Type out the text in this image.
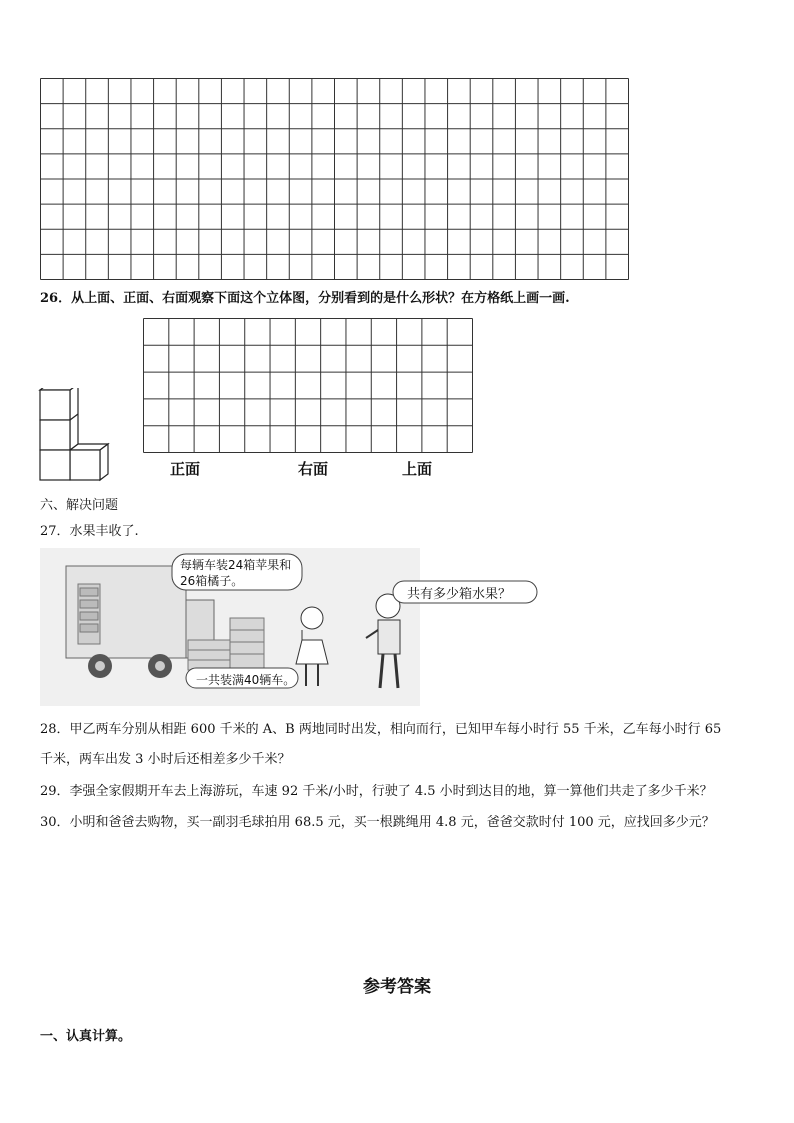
26．从上面、正面、右面观察下面这个立体图，分别看到的是什么形状？在方格纸上画一画.
正面	右面	上面
六、解决问题
27．水果丰收了.
每辆车装24箱苹果和26箱橘子。
共有多少箱水果？
一共装满40辆车。
28．甲乙两车分别从相距 600 千米的 A、B 两地同时出发，相向而行，已知甲车每小时行 55 千米，乙车每小时行 65
千米，两车出发 3 小时后还相差多少千米？
29．李强全家假期开车去上海游玩，车速 92 千米/小时，行驶了 4.5 小时到达目的地，算一算他们共走了多少千米？
30．小明和爸爸去购物，买一副羽毛球拍用 68.5 元，买一根跳绳用 4.8 元，爸爸交款时付 100 元，应找回多少元？
参考答案
一、认真计算。
